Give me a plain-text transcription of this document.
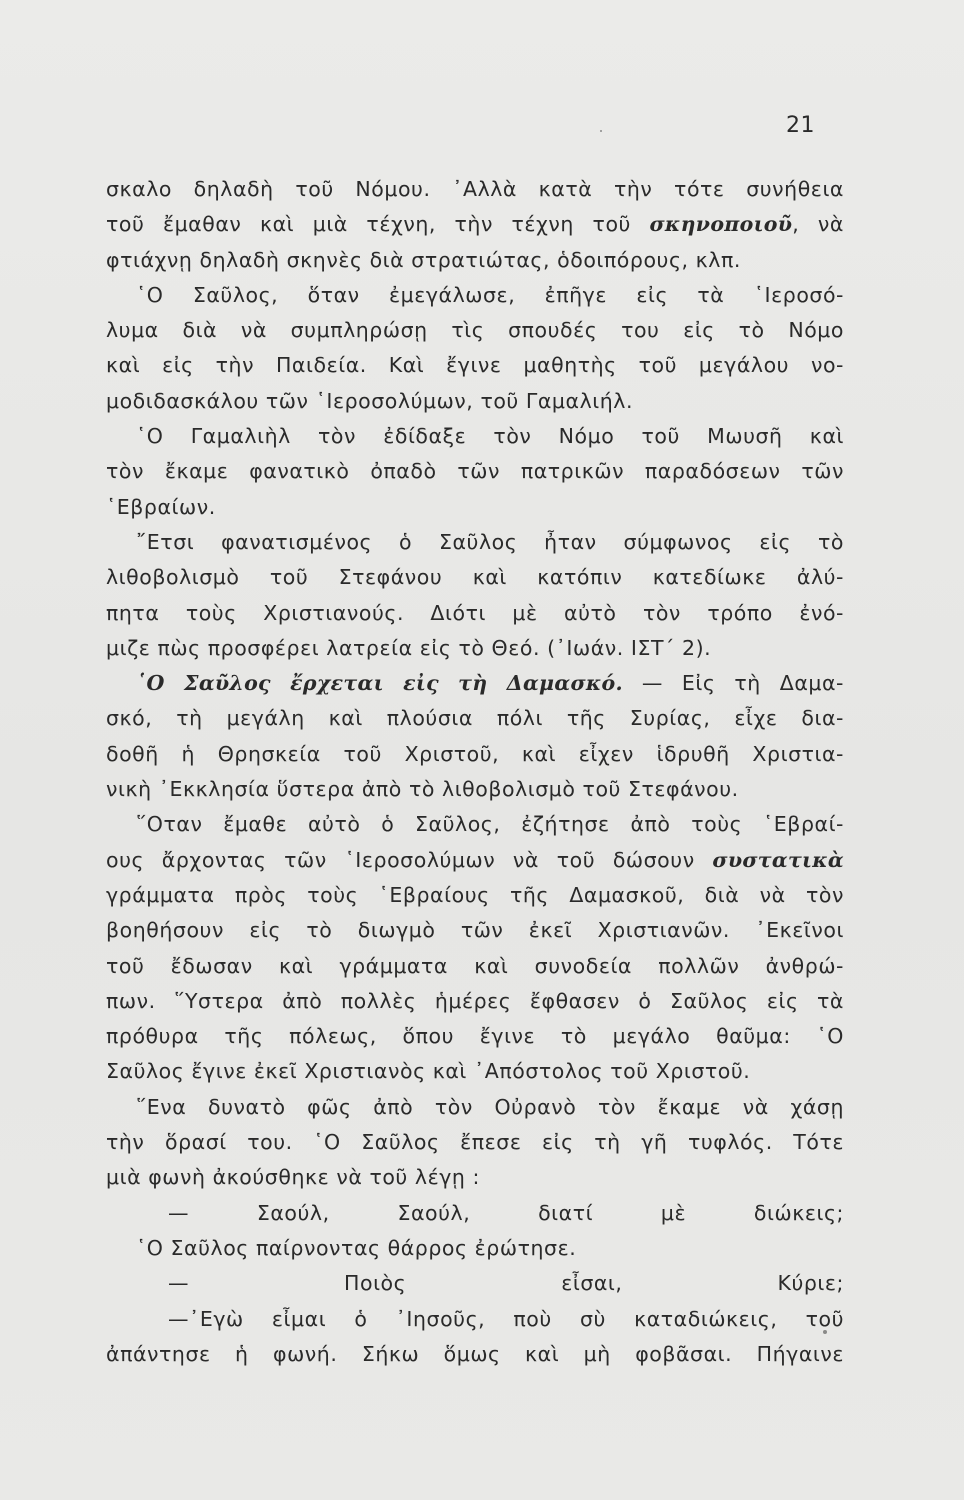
21
σκαλο δηλαδὴ τοῦ Νόμου. ᾿Αλλὰ κατὰ τὴν τότε συνήθεια
τοῦ ἔμαθαν καὶ μιὰ τέχνη, τὴν τέχνη τοῦ σκηνοποιοῦ, νὰ
φτιάχνῃ δηλαδὴ σκηνὲς διὰ στρατιώτας, ὁδοιπόρους, κλπ.
῾Ο Σαῦλος, ὅταν ἐμεγάλωσε, ἐπῆγε εἰς τὰ ῾Ιεροσό-
λυμα διὰ νὰ συμπληρώσῃ τὶς σπουδές του εἰς τὸ Νόμο
καὶ εἰς τὴν Παιδεία. Καὶ ἔγινε μαθητὴς τοῦ μεγάλου νο-
μοδιδασκάλου τῶν ῾Ιεροσολύμων, τοῦ Γαμαλιήλ.
῾Ο Γαμαλιὴλ τὸν ἐδίδαξε τὸν Νόμο τοῦ Μωυσῆ καὶ
τὸν ἔκαμε φανατικὸ ὀπαδὸ τῶν πατρικῶν παραδόσεων τῶν
῾Εβραίων.
῎Ετσι φανατισμένος ὁ Σαῦλος ἦταν σύμφωνος εἰς τὸ
λιθοβολισμὸ τοῦ Στεφάνου καὶ κατόπιν κατεδίωκε ἀλύ-
πητα τοὺς Χριστιανούς. Διότι μὲ αὐτὸ τὸν τρόπο ἐνό-
μιζε πὼς προσφέρει λατρεία εἰς τὸ Θεό. (᾿Ιωάν. ΙΣΤ΄ 2).
῾Ο Σαῦλος ἔρχεται εἰς τὴ Δαμασκό. — Εἰς τὴ Δαμα-
σκό, τὴ μεγάλη καὶ πλούσια πόλι τῆς Συρίας, εἶχε δια-
δοθῆ ἡ Θρησκεία τοῦ Χριστοῦ, καὶ εἶχεν ἱδρυθῆ Χριστια-
νικὴ ᾿Εκκλησία ὕστερα ἀπὸ τὸ λιθοβολισμὸ τοῦ Στεφάνου.
῞Οταν ἔμαθε αὐτὸ ὁ Σαῦλος, ἐζήτησε ἀπὸ τοὺς ῾Εβραί-
ους ἄρχοντας τῶν ῾Ιεροσολύμων νὰ τοῦ δώσουν συστατικὰ
γράμματα πρὸς τοὺς ῾Εβραίους τῆς Δαμασκοῦ, διὰ νὰ τὸν
βοηθήσουν εἰς τὸ διωγμὸ τῶν ἐκεῖ Χριστιανῶν. ᾿Εκεῖνοι
τοῦ ἔδωσαν καὶ γράμματα καὶ συνοδεία πολλῶν ἀνθρώ-
πων. ῞Υστερα ἀπὸ πολλὲς ἡμέρες ἔφθασεν ὁ Σαῦλος εἰς τὰ
πρόθυρα τῆς πόλεως, ὅπου ἔγινε τὸ μεγάλο θαῦμα: ῾Ο
Σαῦλος ἔγινε ἐκεῖ Χριστιανὸς καὶ ᾿Απόστολος τοῦ Χριστοῦ.
῞Ενα δυνατὸ φῶς ἀπὸ τὸν Οὐρανὸ τὸν ἔκαμε νὰ χάσῃ
τὴν ὅρασί του. ῾Ο Σαῦλος ἔπεσε εἰς τὴ γῆ τυφλός. Τότε
μιὰ φωνὴ ἀκούσθηκε νὰ τοῦ λέγῃ :
— Σαούλ, Σαούλ, διατί μὲ διώκεις;
῾Ο Σαῦλος παίρνοντας θάρρος ἐρώτησε.
— Ποιὸς εἶσαι, Κύριε;
—᾿Εγὼ εἶμαι ὁ ᾿Ιησοῦς, ποὺ σὺ καταδιώκεις, τοῦ
ἀπάντησε ἡ φωνή. Σήκω ὅμως καὶ μὴ φοβᾶσαι. Πήγαινε
